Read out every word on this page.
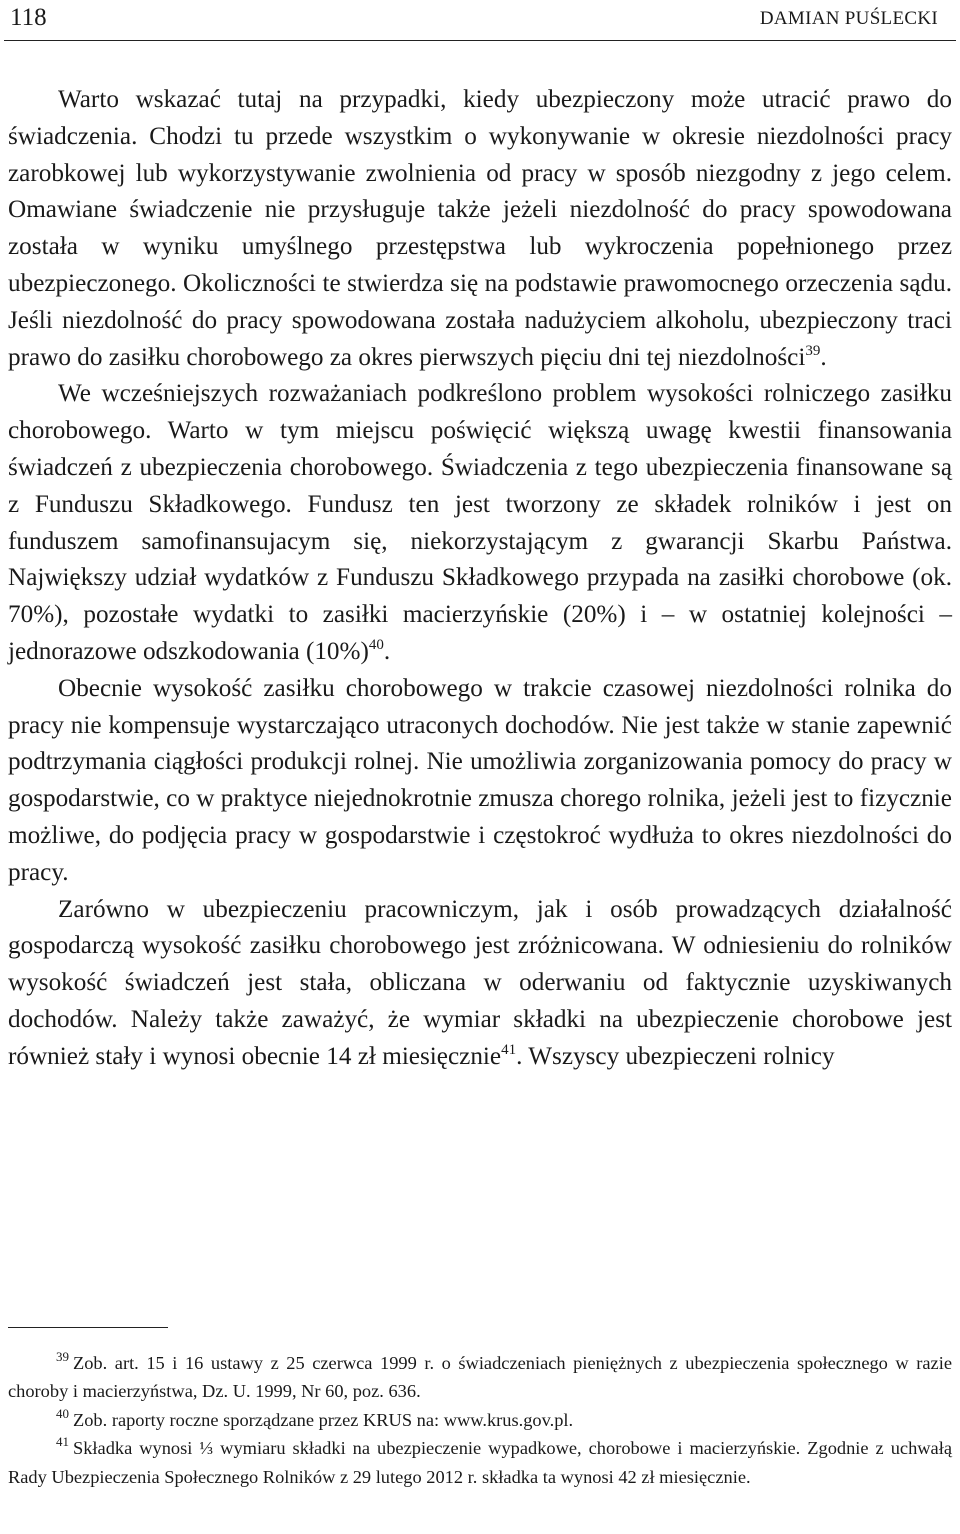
118	DAMIAN PUŚLECKI

Warto wskazać tutaj na przypadki, kiedy ubezpieczony może utracić prawo do świadczenia. Chodzi tu przede wszystkim o wykonywanie w okresie niezdolności pracy zarobkowej lub wykorzystywanie zwolnienia od pracy w sposób niezgodny z jego celem. Omawiane świadczenie nie przysługuje także jeżeli niezdolność do pracy spowodowana została w wyniku umyślnego przestępstwa lub wykroczenia popełnionego przez ubezpieczonego. Okoliczności te stwierdza się na podstawie prawomocnego orzeczenia sądu. Jeśli niezdolność do pracy spowodowana została nadużyciem alkoholu, ubezpieczony traci prawo do zasiłku chorobowego za okres pierwszych pięciu dni tej niezdolności$^{39}$.

We wcześniejszych rozważaniach podkreślono problem wysokości rolniczego zasiłku chorobowego. Warto w tym miejscu poświęcić większą uwagę kwestii finansowania świadczeń z ubezpieczenia chorobowego. Świadczenia z tego ubezpieczenia finansowane są z Funduszu Składkowego. Fundusz ten jest tworzony ze składek rolników i jest on funduszem samofinansujacym się, niekorzystającym z gwarancji Skarbu Państwa. Największy udział wydatków z Funduszu Składkowego przypada na zasiłki chorobowe (ok. 70%), pozostałe wydatki to zasiłki macierzyńskie (20%) i – w ostatniej kolejności – jednorazowe odszkodowania (10%)$^{40}$.

Obecnie wysokość zasiłku chorobowego w trakcie czasowej niezdolności rolnika do pracy nie kompensuje wystarczająco utraconych dochodów. Nie jest także w stanie zapewnić podtrzymania ciągłości produkcji rolnej. Nie umożliwia zorganizowania pomocy do pracy w gospodarstwie, co w praktyce niejednokrotnie zmusza chorego rolnika, jeżeli jest to fizycznie możliwe, do podjęcia pracy w gospodarstwie i częstokroć wydłuża to okres niezdolności do pracy.

Zarówno w ubezpieczeniu pracowniczym, jak i osób prowadzących działalność gospodarczą wysokość zasiłku chorobowego jest zróżnicowana. W odniesieniu do rolników wysokość świadczeń jest stała, obliczana w oderwaniu od faktycznie uzyskiwanych dochodów. Należy także zaważyć, że wymiar składki na ubezpieczenie chorobowe jest również stały i wynosi obecnie 14 zł miesięcznie$^{41}$. Wszyscy ubezpieczeni rolnicy

$^{39}$ Zob. art. 15 i 16 ustawy z 25 czerwca 1999 r. o świadczeniach pieniężnych z ubezpieczenia społecznego w razie choroby i macierzyństwa, Dz. U. 1999, Nr 60, poz. 636.

$^{40}$ Zob. raporty roczne sporządzane przez KRUS na: www.krus.gov.pl.

$^{41}$ Składka wynosi ⅓ wymiaru składki na ubezpieczenie wypadkowe, chorobowe i macierzyńskie. Zgodnie z uchwałą Rady Ubezpieczenia Społecznego Rolników z 29 lutego 2012 r. składka ta wynosi 42 zł miesięcznie.
